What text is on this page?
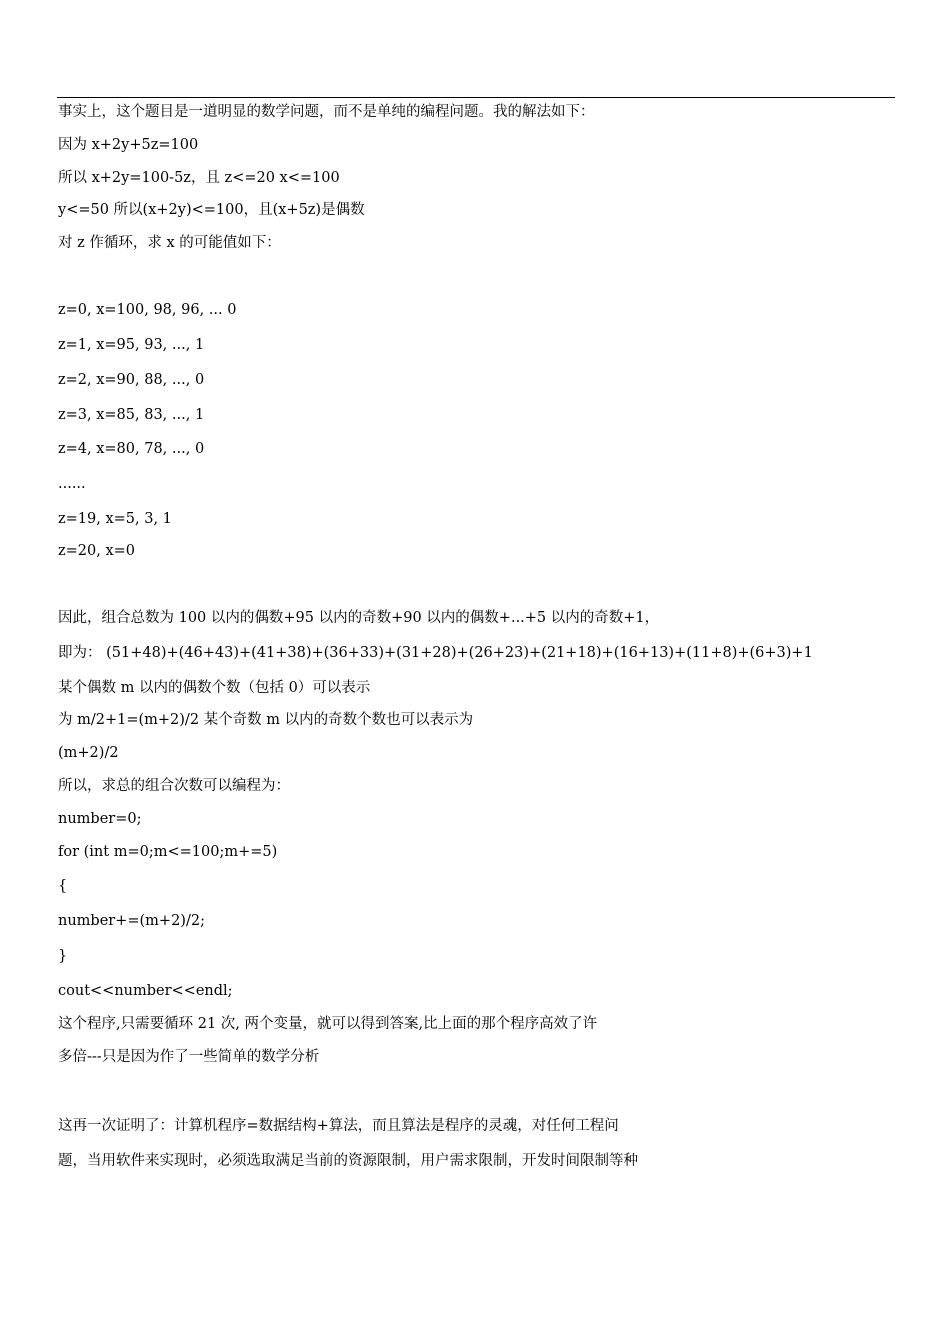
事实上，这个题目是一道明显的数学问题，而不是单纯的编程问题。我的解法如下：
因为 x+2y+5z=100
所以 x+2y=100-5z，且 z<=20 x<=100
y<=50 所以(x+2y)<=100，且(x+5z)是偶数
对 z 作循环，求 x 的可能值如下：
z=0, x=100, 98, 96, ... 0
z=1, x=95, 93, ..., 1
z=2, x=90, 88, ..., 0
z=3, x=85, 83, ..., 1
z=4, x=80, 78, ..., 0
......
z=19, x=5, 3, 1
z=20, x=0
因此，组合总数为 100 以内的偶数+95 以内的奇数+90 以内的偶数+...+5 以内的奇数+1，
即为： (51+48)+(46+43)+(41+38)+(36+33)+(31+28)+(26+23)+(21+18)+(16+13)+(11+8)+(6+3)+1
某个偶数 m 以内的偶数个数（包括 0）可以表示
为 m/2+1=(m+2)/2 某个奇数 m 以内的奇数个数也可以表示为
(m+2)/2
所以，求总的组合次数可以编程为：
number=0;
for (int m=0;m<=100;m+=5)
{
number+=(m+2)/2;
}
cout<<number<<endl;
这个程序,只需要循环 21 次, 两个变量，就可以得到答案,比上面的那个程序高效了许
多倍---只是因为作了一些简单的数学分析
这再一次证明了：计算机程序=数据结构+算法，而且算法是程序的灵魂，对任何工程问
题，当用软件来实现时，必须选取满足当前的资源限制，用户需求限制，开发时间限制等种
